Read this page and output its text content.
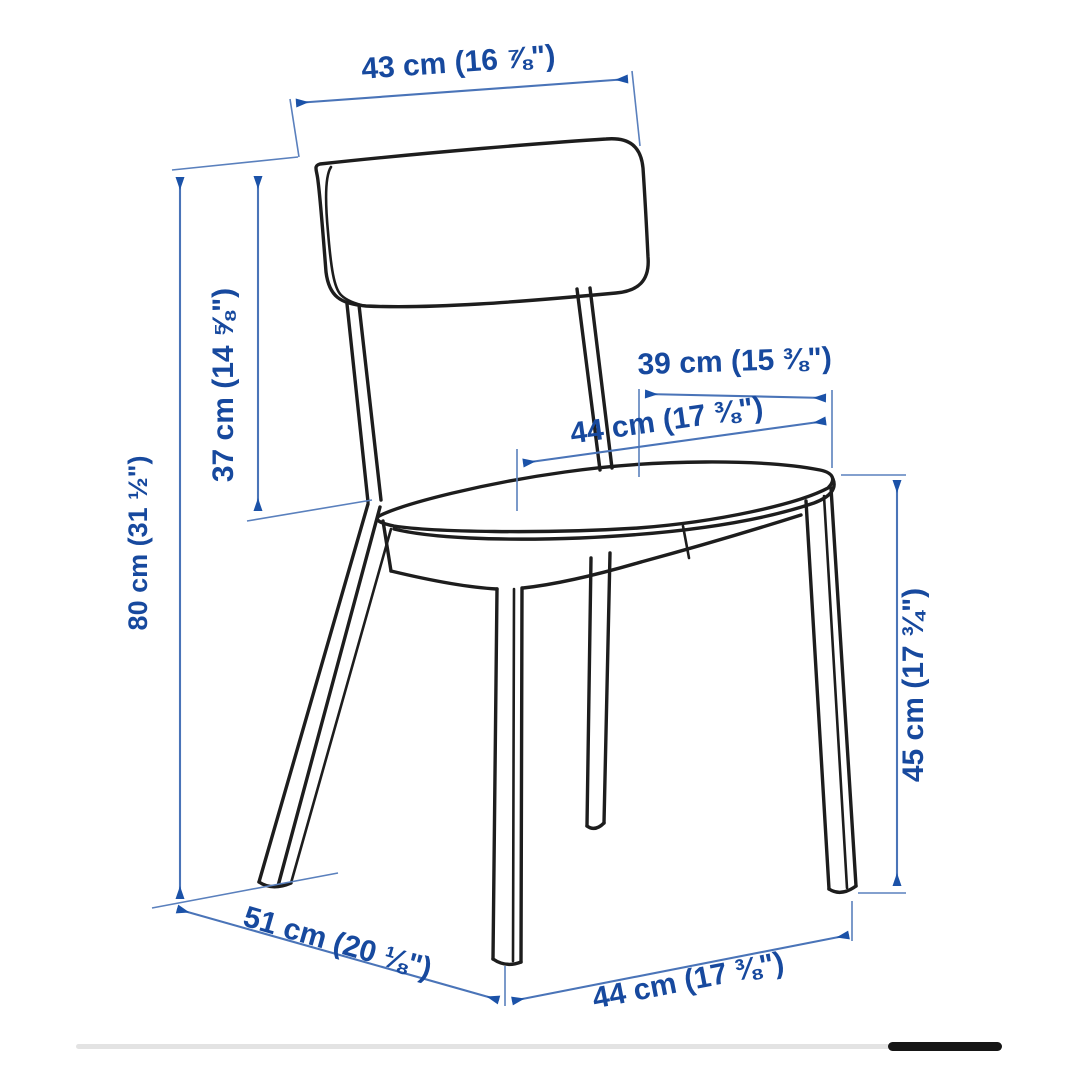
43 cm (16 ⅞")
37 cm (14 ⅝")
80 cm (31 ½")
39 cm (15 ⅜")
44 cm (17 ⅜")
45 cm (17 ¾")
51 cm (20 ⅛")	44 cm (17 ⅜")
